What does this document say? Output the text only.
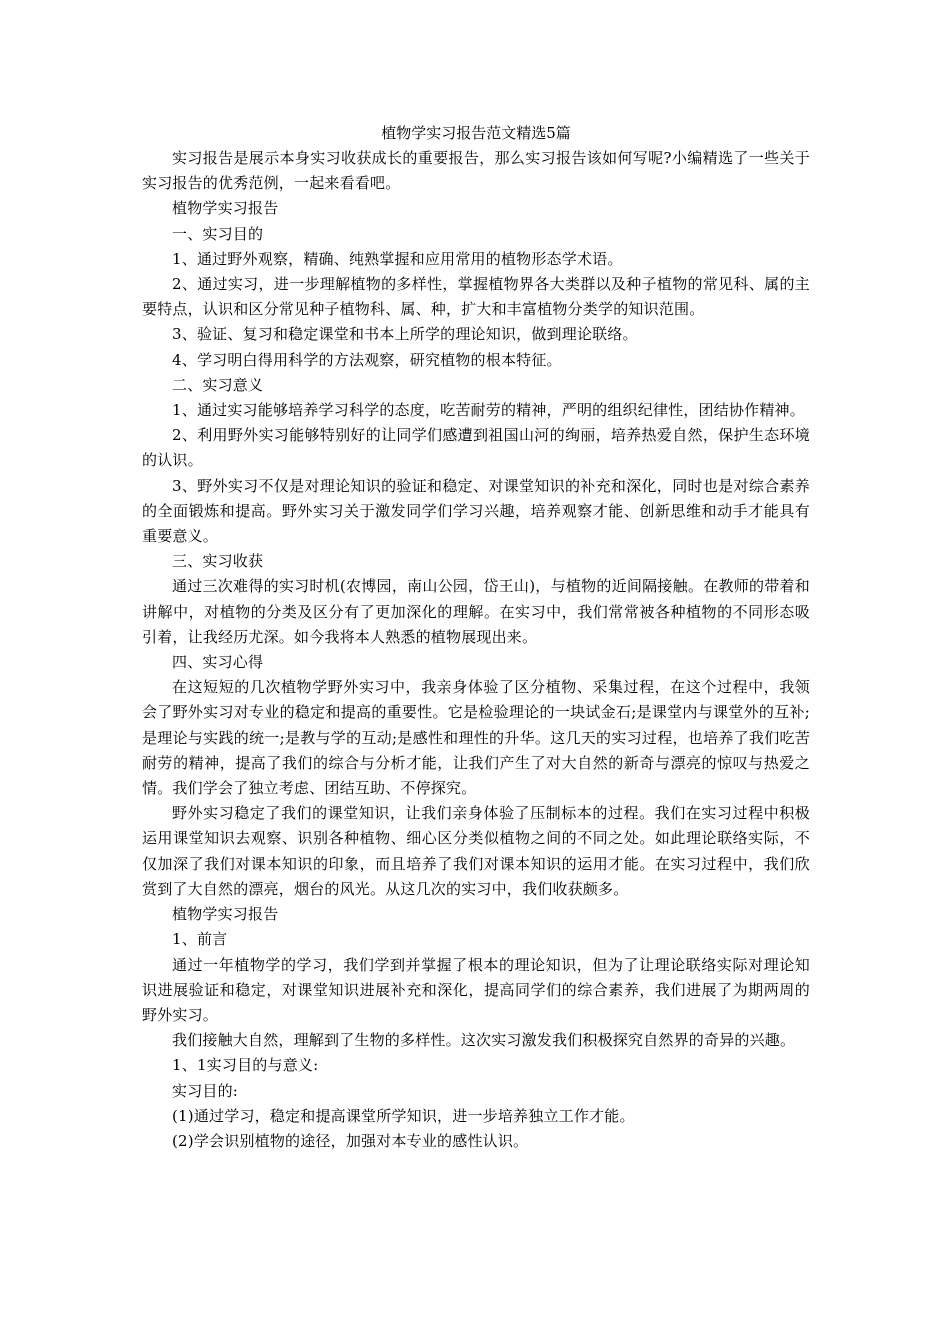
植物学实习报告范文精选5篇

实习报告是展示本身实习收获成长的重要报告，那么实习报告该如何写呢?小编精选了一些关于实习报告的优秀范例，一起来看看吧。

植物学实习报告

一、实习目的

1、通过野外观察，精确、纯熟掌握和应用常用的植物形态学术语。

2、通过实习，进一步理解植物的多样性，掌握植物界各大类群以及种子植物的常见科、属的主要特点，认识和区分常见种子植物科、属、种，扩大和丰富植物分类学的知识范围。

3、验证、复习和稳定课堂和书本上所学的理论知识，做到理论联络。

4、学习明白得用科学的方法观察，研究植物的根本特征。

二、实习意义

1、通过实习能够培养学习科学的态度，吃苦耐劳的精神，严明的组织纪律性，团结协作精神。

2、利用野外实习能够特别好的让同学们感遭到祖国山河的绚丽，培养热爱自然，保护生态环境的认识。

3、野外实习不仅是对理论知识的验证和稳定、对课堂知识的补充和深化，同时也是对综合素养的全面锻炼和提高。野外实习关于激发同学们学习兴趣，培养观察才能、创新思维和动手才能具有重要意义。

三、实习收获

通过三次难得的实习时机(农博园，南山公园，岱王山)，与植物的近间隔接触。在教师的带着和讲解中，对植物的分类及区分有了更加深化的理解。在实习中，我们常常被各种植物的不同形态吸引着，让我经历尤深。如今我将本人熟悉的植物展现出来。

四、实习心得

在这短短的几次植物学野外实习中，我亲身体验了区分植物、采集过程，在这个过程中，我领会了野外实习对专业的稳定和提高的重要性。它是检验理论的一块试金石;是课堂内与课堂外的互补;是理论与实践的统一;是教与学的互动;是感性和理性的升华。这几天的实习过程，也培养了我们吃苦耐劳的精神，提高了我们的综合与分析才能，让我们产生了对大自然的新奇与漂亮的惊叹与热爱之情。我们学会了独立考虑、团结互助、不停探究。

野外实习稳定了我们的课堂知识，让我们亲身体验了压制标本的过程。我们在实习过程中积极运用课堂知识去观察、识别各种植物、细心区分类似植物之间的不同之处。如此理论联络实际，不仅加深了我们对课本知识的印象，而且培养了我们对课本知识的运用才能。在实习过程中，我们欣赏到了大自然的漂亮，烟台的风光。从这几次的实习中，我们收获颇多。

植物学实习报告

1、前言

通过一年植物学的学习，我们学到并掌握了根本的理论知识，但为了让理论联络实际对理论知识进展验证和稳定，对课堂知识进展补充和深化，提高同学们的综合素养，我们进展了为期两周的野外实习。

我们接触大自然，理解到了生物的多样性。这次实习激发我们积极探究自然界的奇异的兴趣。

1、1实习目的与意义:

实习目的:

(1)通过学习，稳定和提高课堂所学知识，进一步培养独立工作才能。

(2)学会识别植物的途径，加强对本专业的感性认识。
